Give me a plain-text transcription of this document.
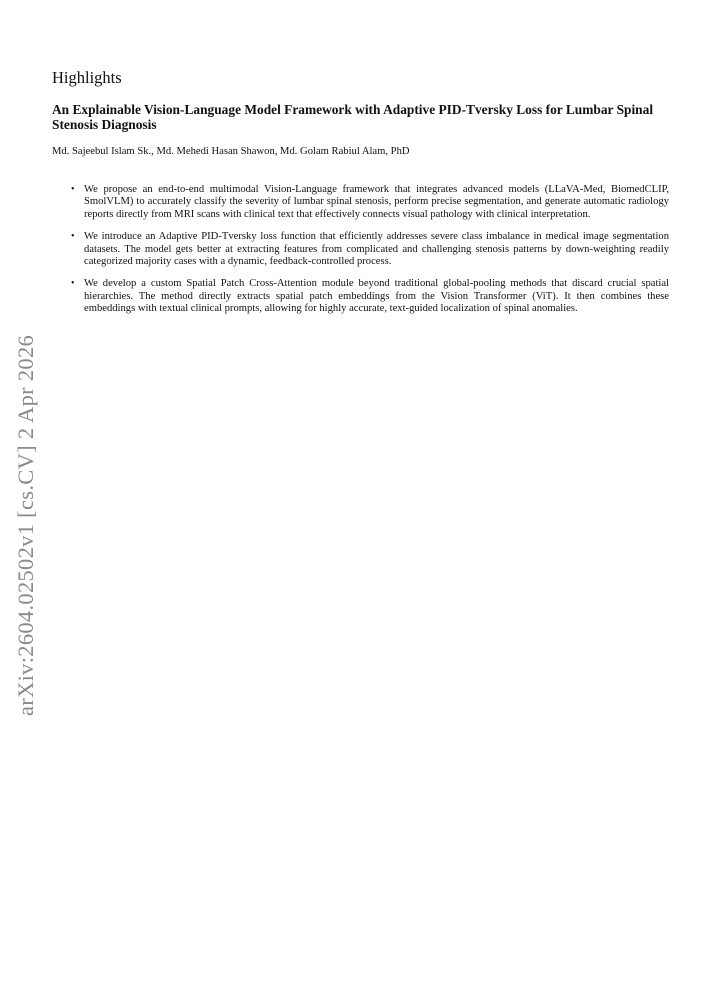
arXiv:2604.02502v1 [cs.CV] 2 Apr 2026
Highlights
An Explainable Vision-Language Model Framework with Adaptive PID-Tversky Loss for Lumbar Spinal Stenosis Diagnosis

Md. Sajeebul Islam Sk., Md. Mehedi Hasan Shawon, Md. Golam Rabiul Alam, PhD

• We propose an end-to-end multimodal Vision-Language framework that integrates advanced models (LLaVA-Med, BiomedCLIP, SmolVLM) to accurately classify the severity of lumbar spinal stenosis, perform precise segmentation, and generate automatic radiology reports directly from MRI scans with clinical text that effectively connects visual pathology with clinical interpretation.
• We introduce an Adaptive PID-Tversky loss function that efficiently addresses severe class imbalance in medical image segmentation datasets. The model gets better at extracting features from complicated and challenging stenosis patterns by down-weighting readily categorized majority cases with a dynamic, feedback-controlled process.
• We develop a custom Spatial Patch Cross-Attention module beyond traditional global-pooling methods that discard crucial spatial hierarchies. The method directly extracts spatial patch embeddings from the Vision Transformer (ViT). It then combines these embeddings with textual clinical prompts, allowing for highly accurate, text-guided localization of spinal anomalies.
